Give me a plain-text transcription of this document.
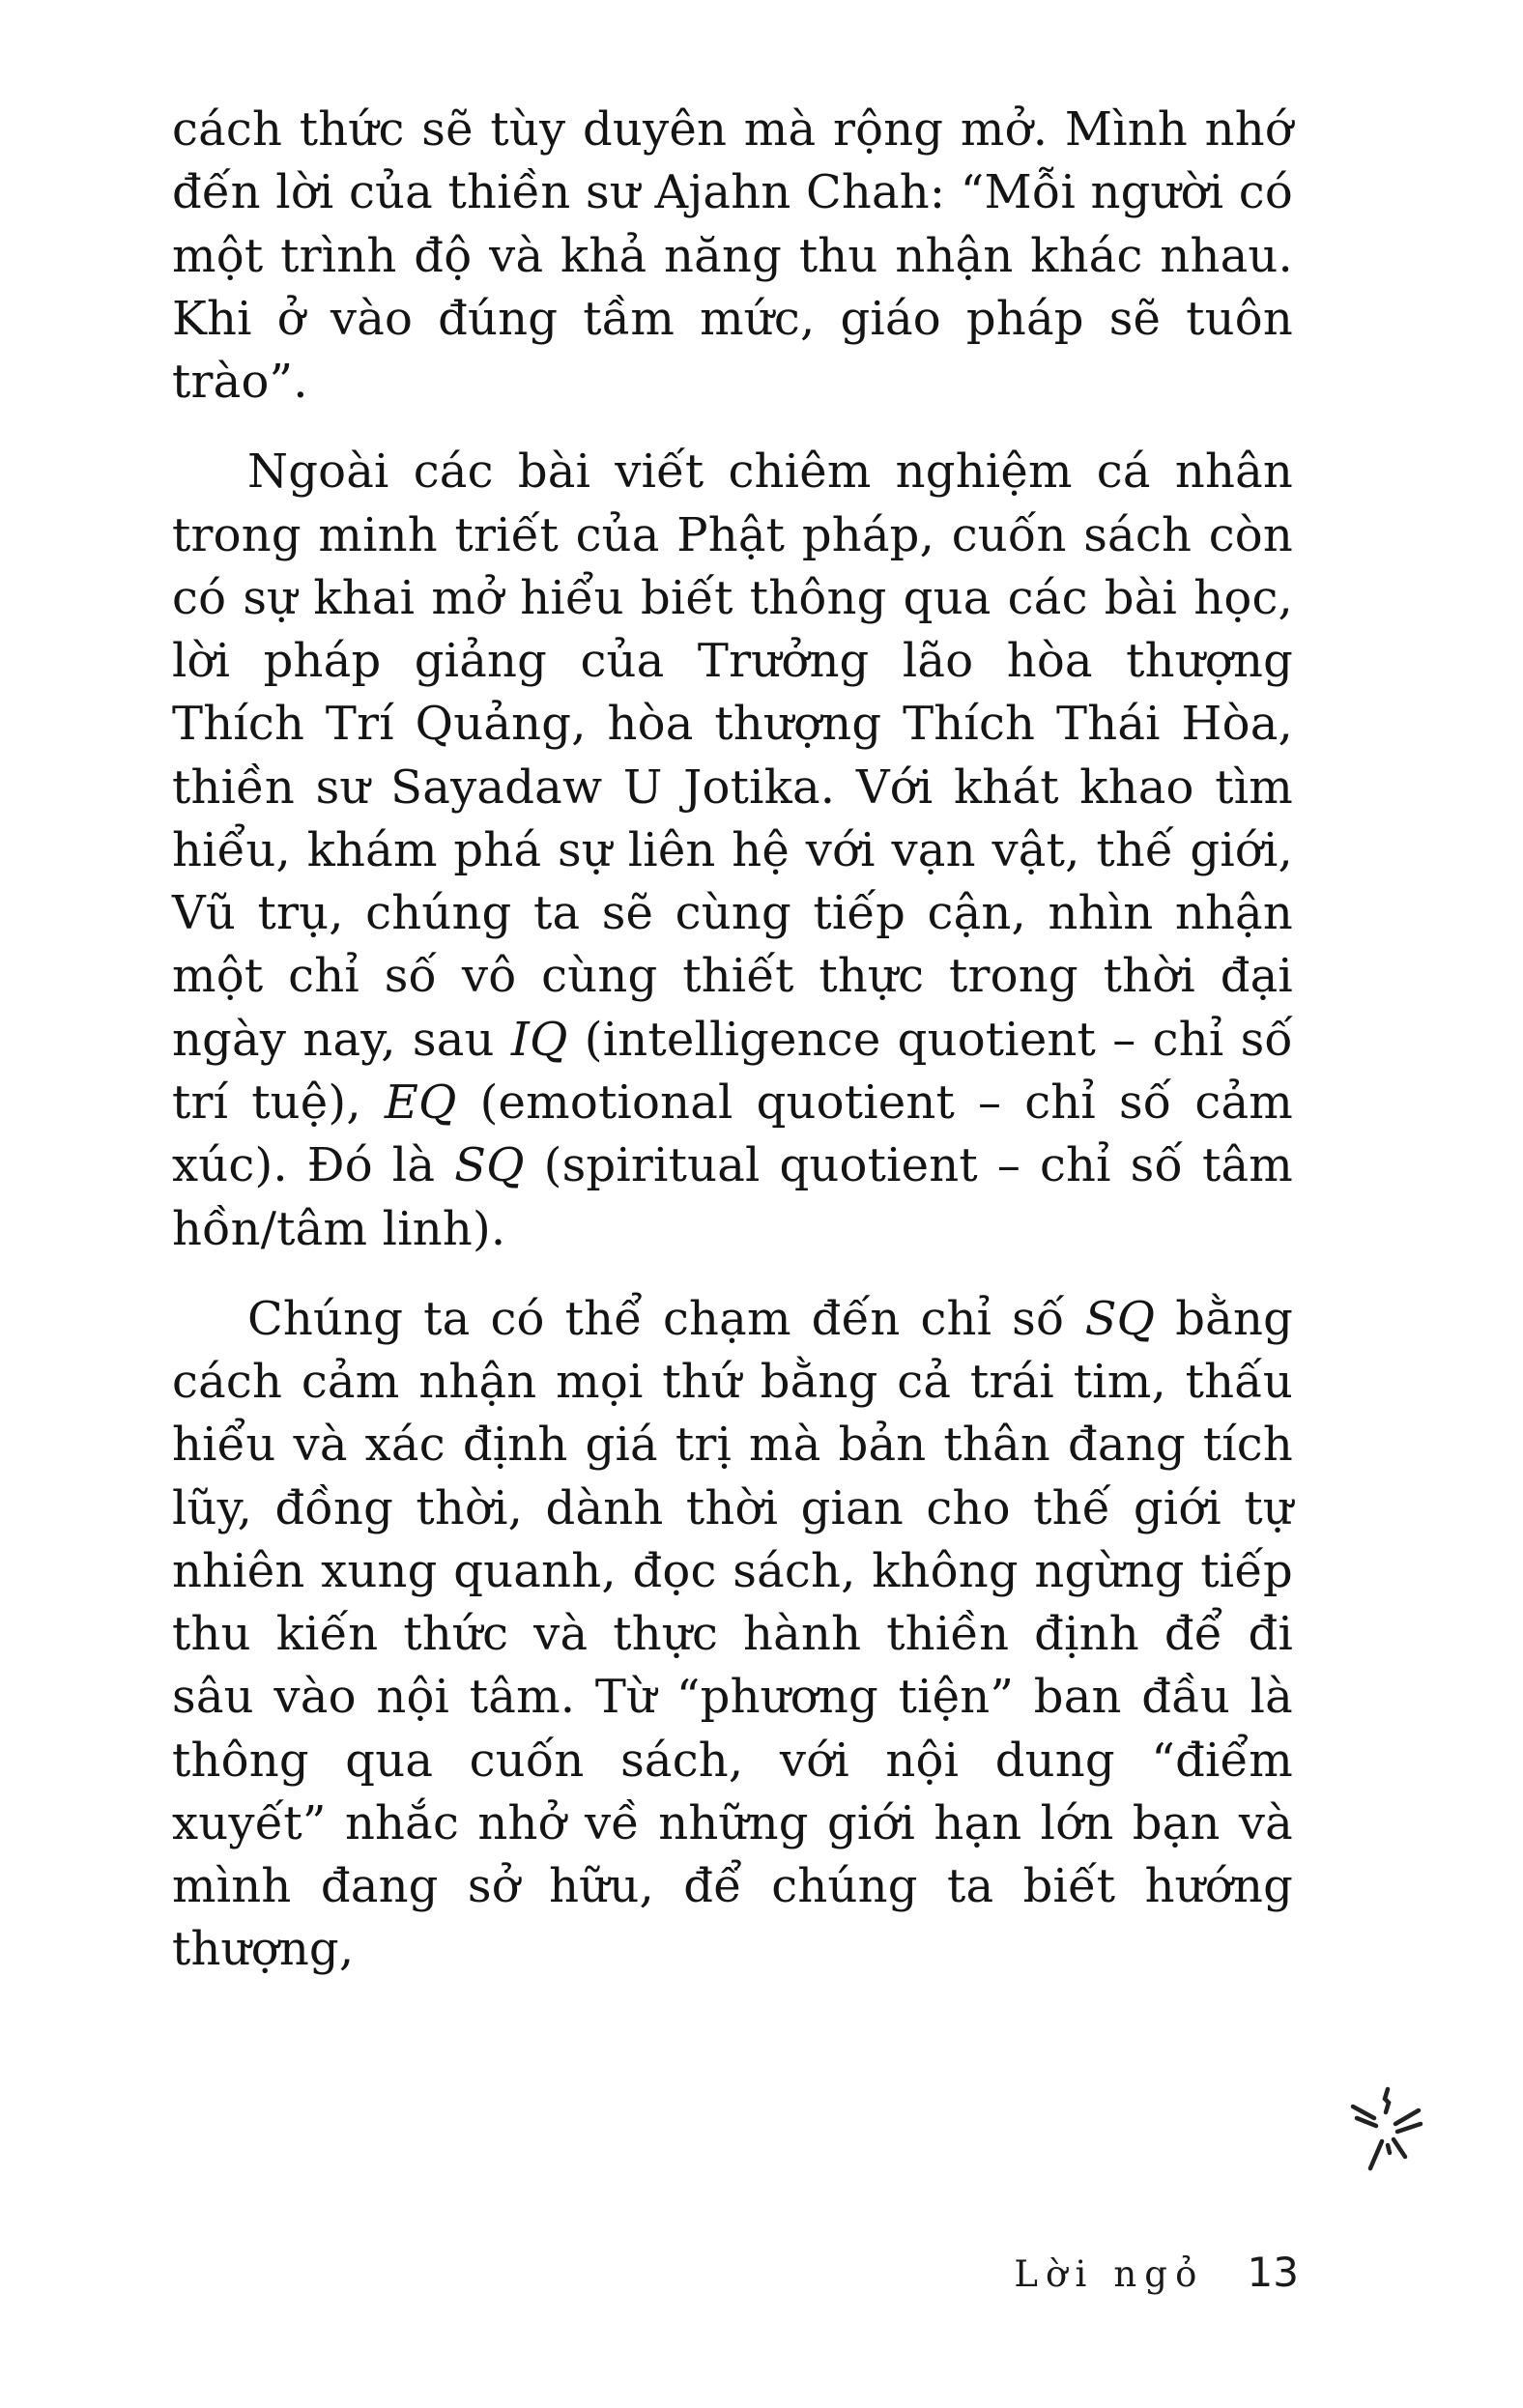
cách thức sẽ tùy duyên mà rộng mở. Mình nhớ đến lời của thiền sư Ajahn Chah: “Mỗi người có một trình độ và khả năng thu nhận khác nhau. Khi ở vào đúng tầm mức, giáo pháp sẽ tuôn trào”.

Ngoài các bài viết chiêm nghiệm cá nhân trong minh triết của Phật pháp, cuốn sách còn có sự khai mở hiểu biết thông qua các bài học, lời pháp giảng của Trưởng lão hòa thượng Thích Trí Quảng, hòa thượng Thích Thái Hòa, thiền sư Sayadaw U Jotika. Với khát khao tìm hiểu, khám phá sự liên hệ với vạn vật, thế giới, Vũ trụ, chúng ta sẽ cùng tiếp cận, nhìn nhận một chỉ số vô cùng thiết thực trong thời đại ngày nay, sau IQ (intelligence quotient – chỉ số trí tuệ), EQ (emotional quotient – chỉ số cảm xúc). Đó là SQ (spiritual quotient – chỉ số tâm hồn/tâm linh).

Chúng ta có thể chạm đến chỉ số SQ bằng cách cảm nhận mọi thứ bằng cả trái tim, thấu hiểu và xác định giá trị mà bản thân đang tích lũy, đồng thời, dành thời gian cho thế giới tự nhiên xung quanh, đọc sách, không ngừng tiếp thu kiến thức và thực hành thiền định để đi sâu vào nội tâm. Từ “phương tiện” ban đầu là thông qua cuốn sách, với nội dung “điểm xuyết” nhắc nhở về những giới hạn lớn bạn và mình đang sở hữu, để chúng ta biết hướng thượng,

Lời ngỏ 13
